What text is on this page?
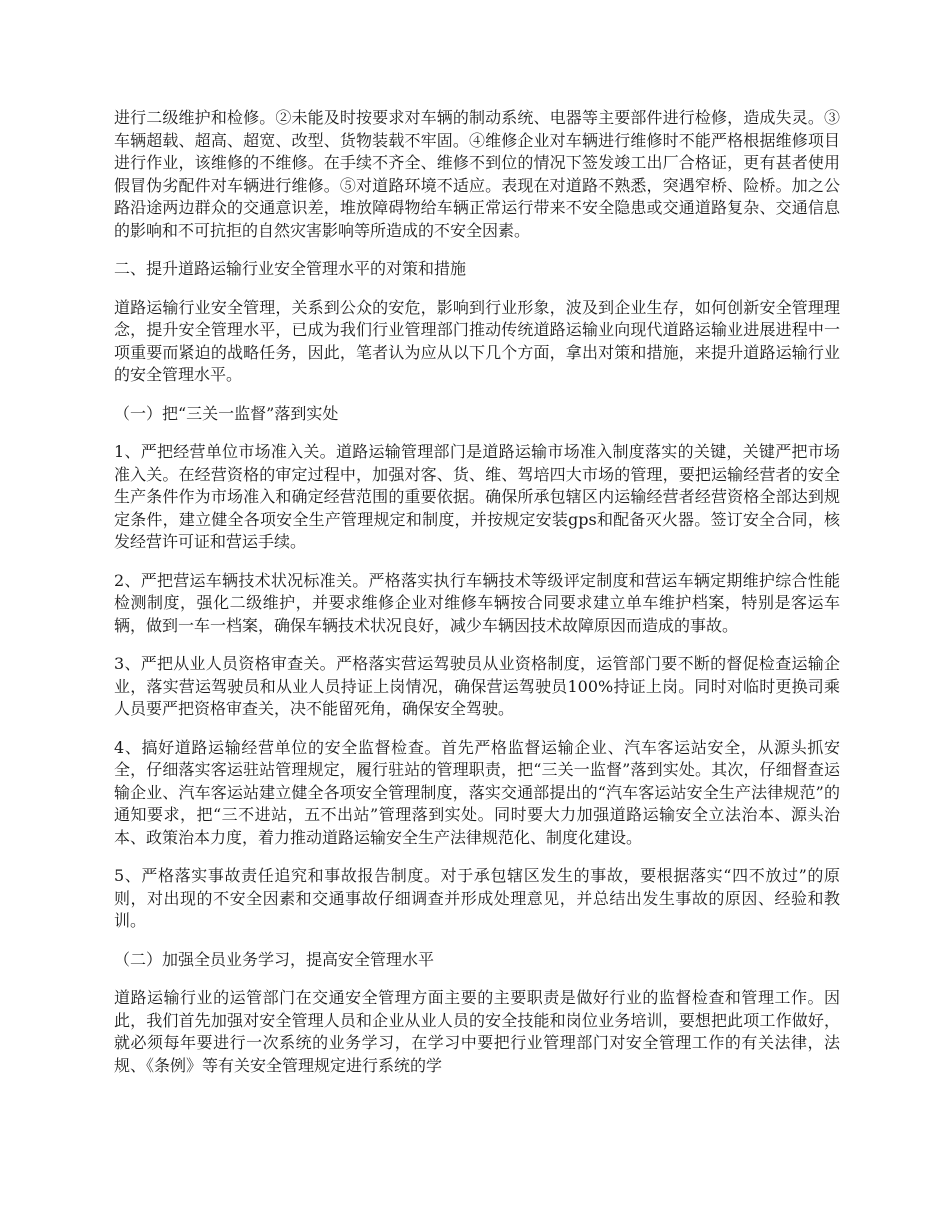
进行二级维护和检修。②未能及时按要求对车辆的制动系统、电器等主要部件进行检修，造成失灵。③车辆超载、超高、超宽、改型、货物装载不牢固。④维修企业对车辆进行维修时不能严格根据维修项目进行作业，该维修的不维修。在手续不齐全、维修不到位的情况下签发竣工出厂合格证，更有甚者使用假冒伪劣配件对车辆进行维修。⑤对道路环境不适应。表现在对道路不熟悉，突遇窄桥、险桥。加之公路沿途两边群众的交通意识差，堆放障碍物给车辆正常运行带来不安全隐患或交通道路复杂、交通信息的影响和不可抗拒的自然灾害影响等所造成的不安全因素。

二、提升道路运输行业安全管理水平的对策和措施

道路运输行业安全管理，关系到公众的安危，影响到行业形象，波及到企业生存，如何创新安全管理理念，提升安全管理水平，已成为我们行业管理部门推动传统道路运输业向现代道路运输业进展进程中一项重要而紧迫的战略任务，因此，笔者认为应从以下几个方面，拿出对策和措施，来提升道路运输行业的安全管理水平。

（一）把“三关一监督”落到实处

1、严把经营单位市场准入关。道路运输管理部门是道路运输市场准入制度落实的关键，关键严把市场准入关。在经营资格的审定过程中，加强对客、货、维、驾培四大市场的管理，要把运输经营者的安全生产条件作为市场准入和确定经营范围的重要依据。确保所承包辖区内运输经营者经营资格全部达到规定条件，建立健全各项安全生产管理规定和制度，并按规定安装gps和配备灭火器。签订安全合同，核发经营许可证和营运手续。

2、严把营运车辆技术状况标准关。严格落实执行车辆技术等级评定制度和营运车辆定期维护综合性能检测制度，强化二级维护，并要求维修企业对维修车辆按合同要求建立单车维护档案，特别是客运车辆，做到一车一档案，确保车辆技术状况良好，减少车辆因技术故障原因而造成的事故。

3、严把从业人员资格审查关。严格落实营运驾驶员从业资格制度，运管部门要不断的督促检查运输企业，落实营运驾驶员和从业人员持证上岗情况，确保营运驾驶员100%持证上岗。同时对临时更换司乘人员要严把资格审查关，决不能留死角，确保安全驾驶。

4、搞好道路运输经营单位的安全监督检查。首先严格监督运输企业、汽车客运站安全，从源头抓安全，仔细落实客运驻站管理规定，履行驻站的管理职责，把“三关一监督”落到实处。其次，仔细督查运输企业、汽车客运站建立健全各项安全管理制度，落实交通部提出的“汽车客运站安全生产法律规范”的通知要求，把“三不进站，五不出站”管理落到实处。同时要大力加强道路运输安全立法治本、源头治本、政策治本力度，着力推动道路运输安全生产法律规范化、制度化建设。

5、严格落实事故责任追究和事故报告制度。对于承包辖区发生的事故，要根据落实“四不放过”的原则，对出现的不安全因素和交通事故仔细调查并形成处理意见，并总结出发生事故的原因、经验和教训。

（二）加强全员业务学习，提高安全管理水平

道路运输行业的运管部门在交通安全管理方面主要的主要职责是做好行业的监督检查和管理工作。因此，我们首先加强对安全管理人员和企业从业人员的安全技能和岗位业务培训，要想把此项工作做好，就必须每年要进行一次系统的业务学习，在学习中要把行业管理部门对安全管理工作的有关法律，法规、《条例》等有关安全管理规定进行系统的学
